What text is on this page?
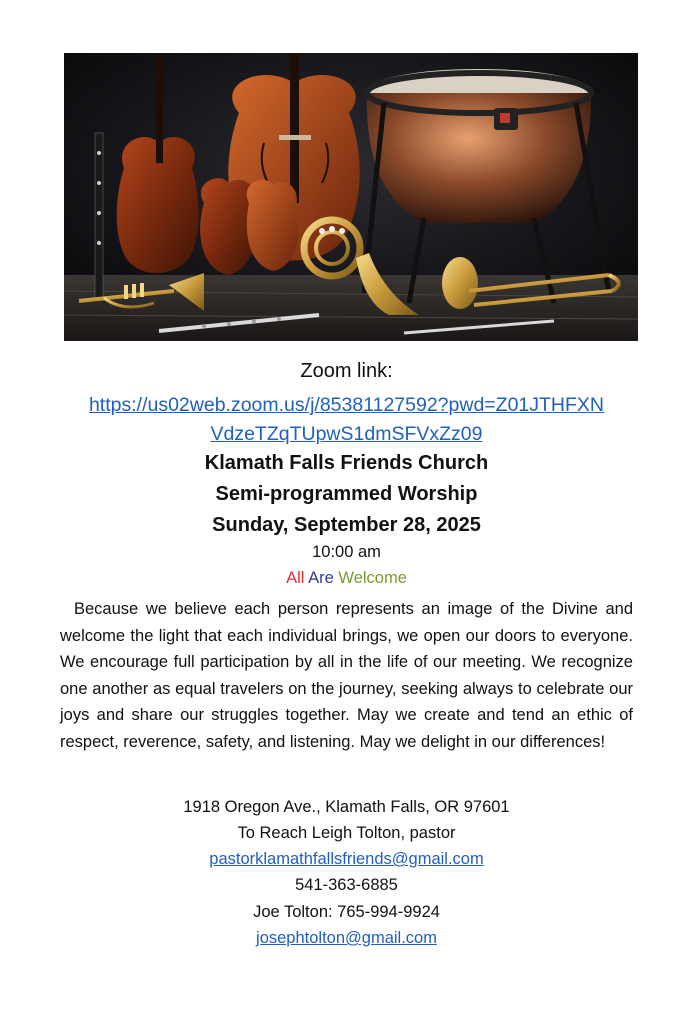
Zoom link:
https://us02web.zoom.us/j/85381127592?pwd=Z01JTHFXN
VdzeTZqTUpwS1dmSFVxZz09
Klamath Falls Friends Church
Semi-programmed Worship
Sunday, September 28, 2025
10:00 am
All Are Welcome
Because we believe each person represents an image of the Divine and welcome the light that each individual brings, we open our doors to everyone. We encourage full participation by all in the life of our meeting. We recognize one another as equal travelers on the journey, seeking always to celebrate our joys and share our struggles together. May we create and tend an ethic of respect, reverence, safety, and listening. May we delight in our differences!
1918 Oregon Ave., Klamath Falls, OR 97601
To Reach Leigh Tolton, pastor
pastorklamathfallsfriends@gmail.com
541-363-6885
Joe Tolton: 765-994-9924
josephtolton@gmail.com
